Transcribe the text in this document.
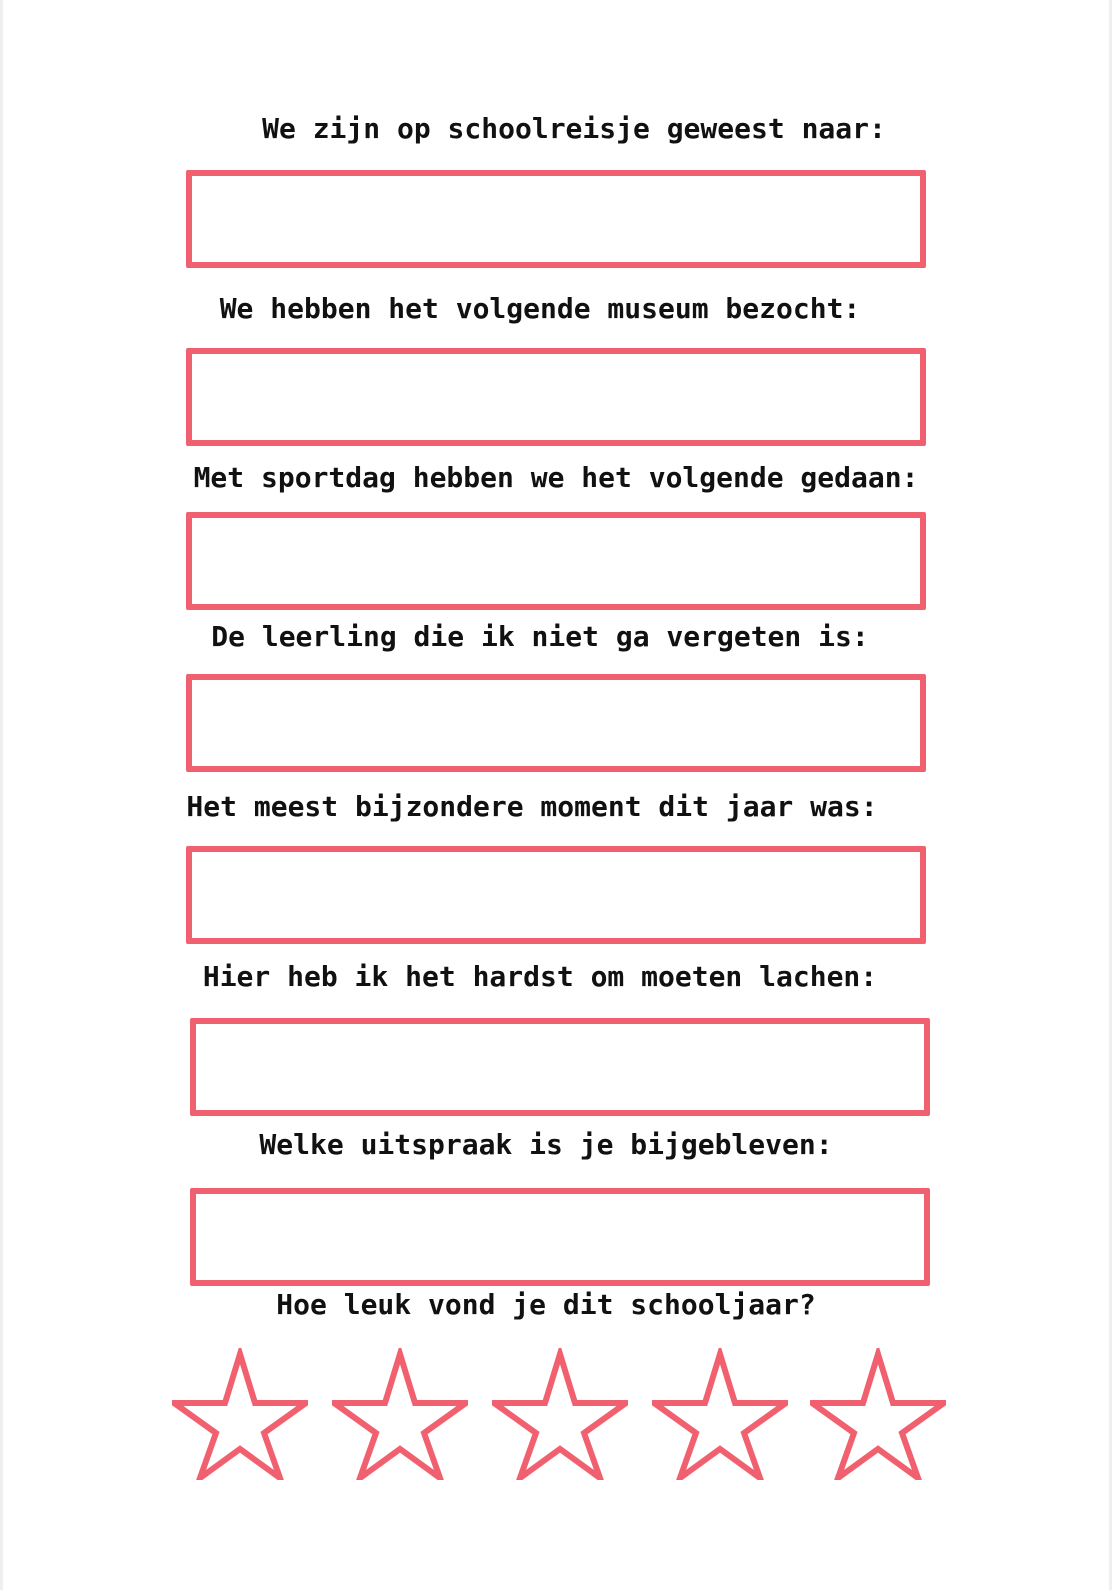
We zijn op schoolreisje geweest naar:
We hebben het volgende museum bezocht:
Met sportdag hebben we het volgende gedaan:
De leerling die ik niet ga vergeten is:
Het meest bijzondere moment dit jaar was:
Hier heb ik het hardst om moeten lachen:
Welke uitspraak is je bijgebleven:
Hoe leuk vond je dit schooljaar?
